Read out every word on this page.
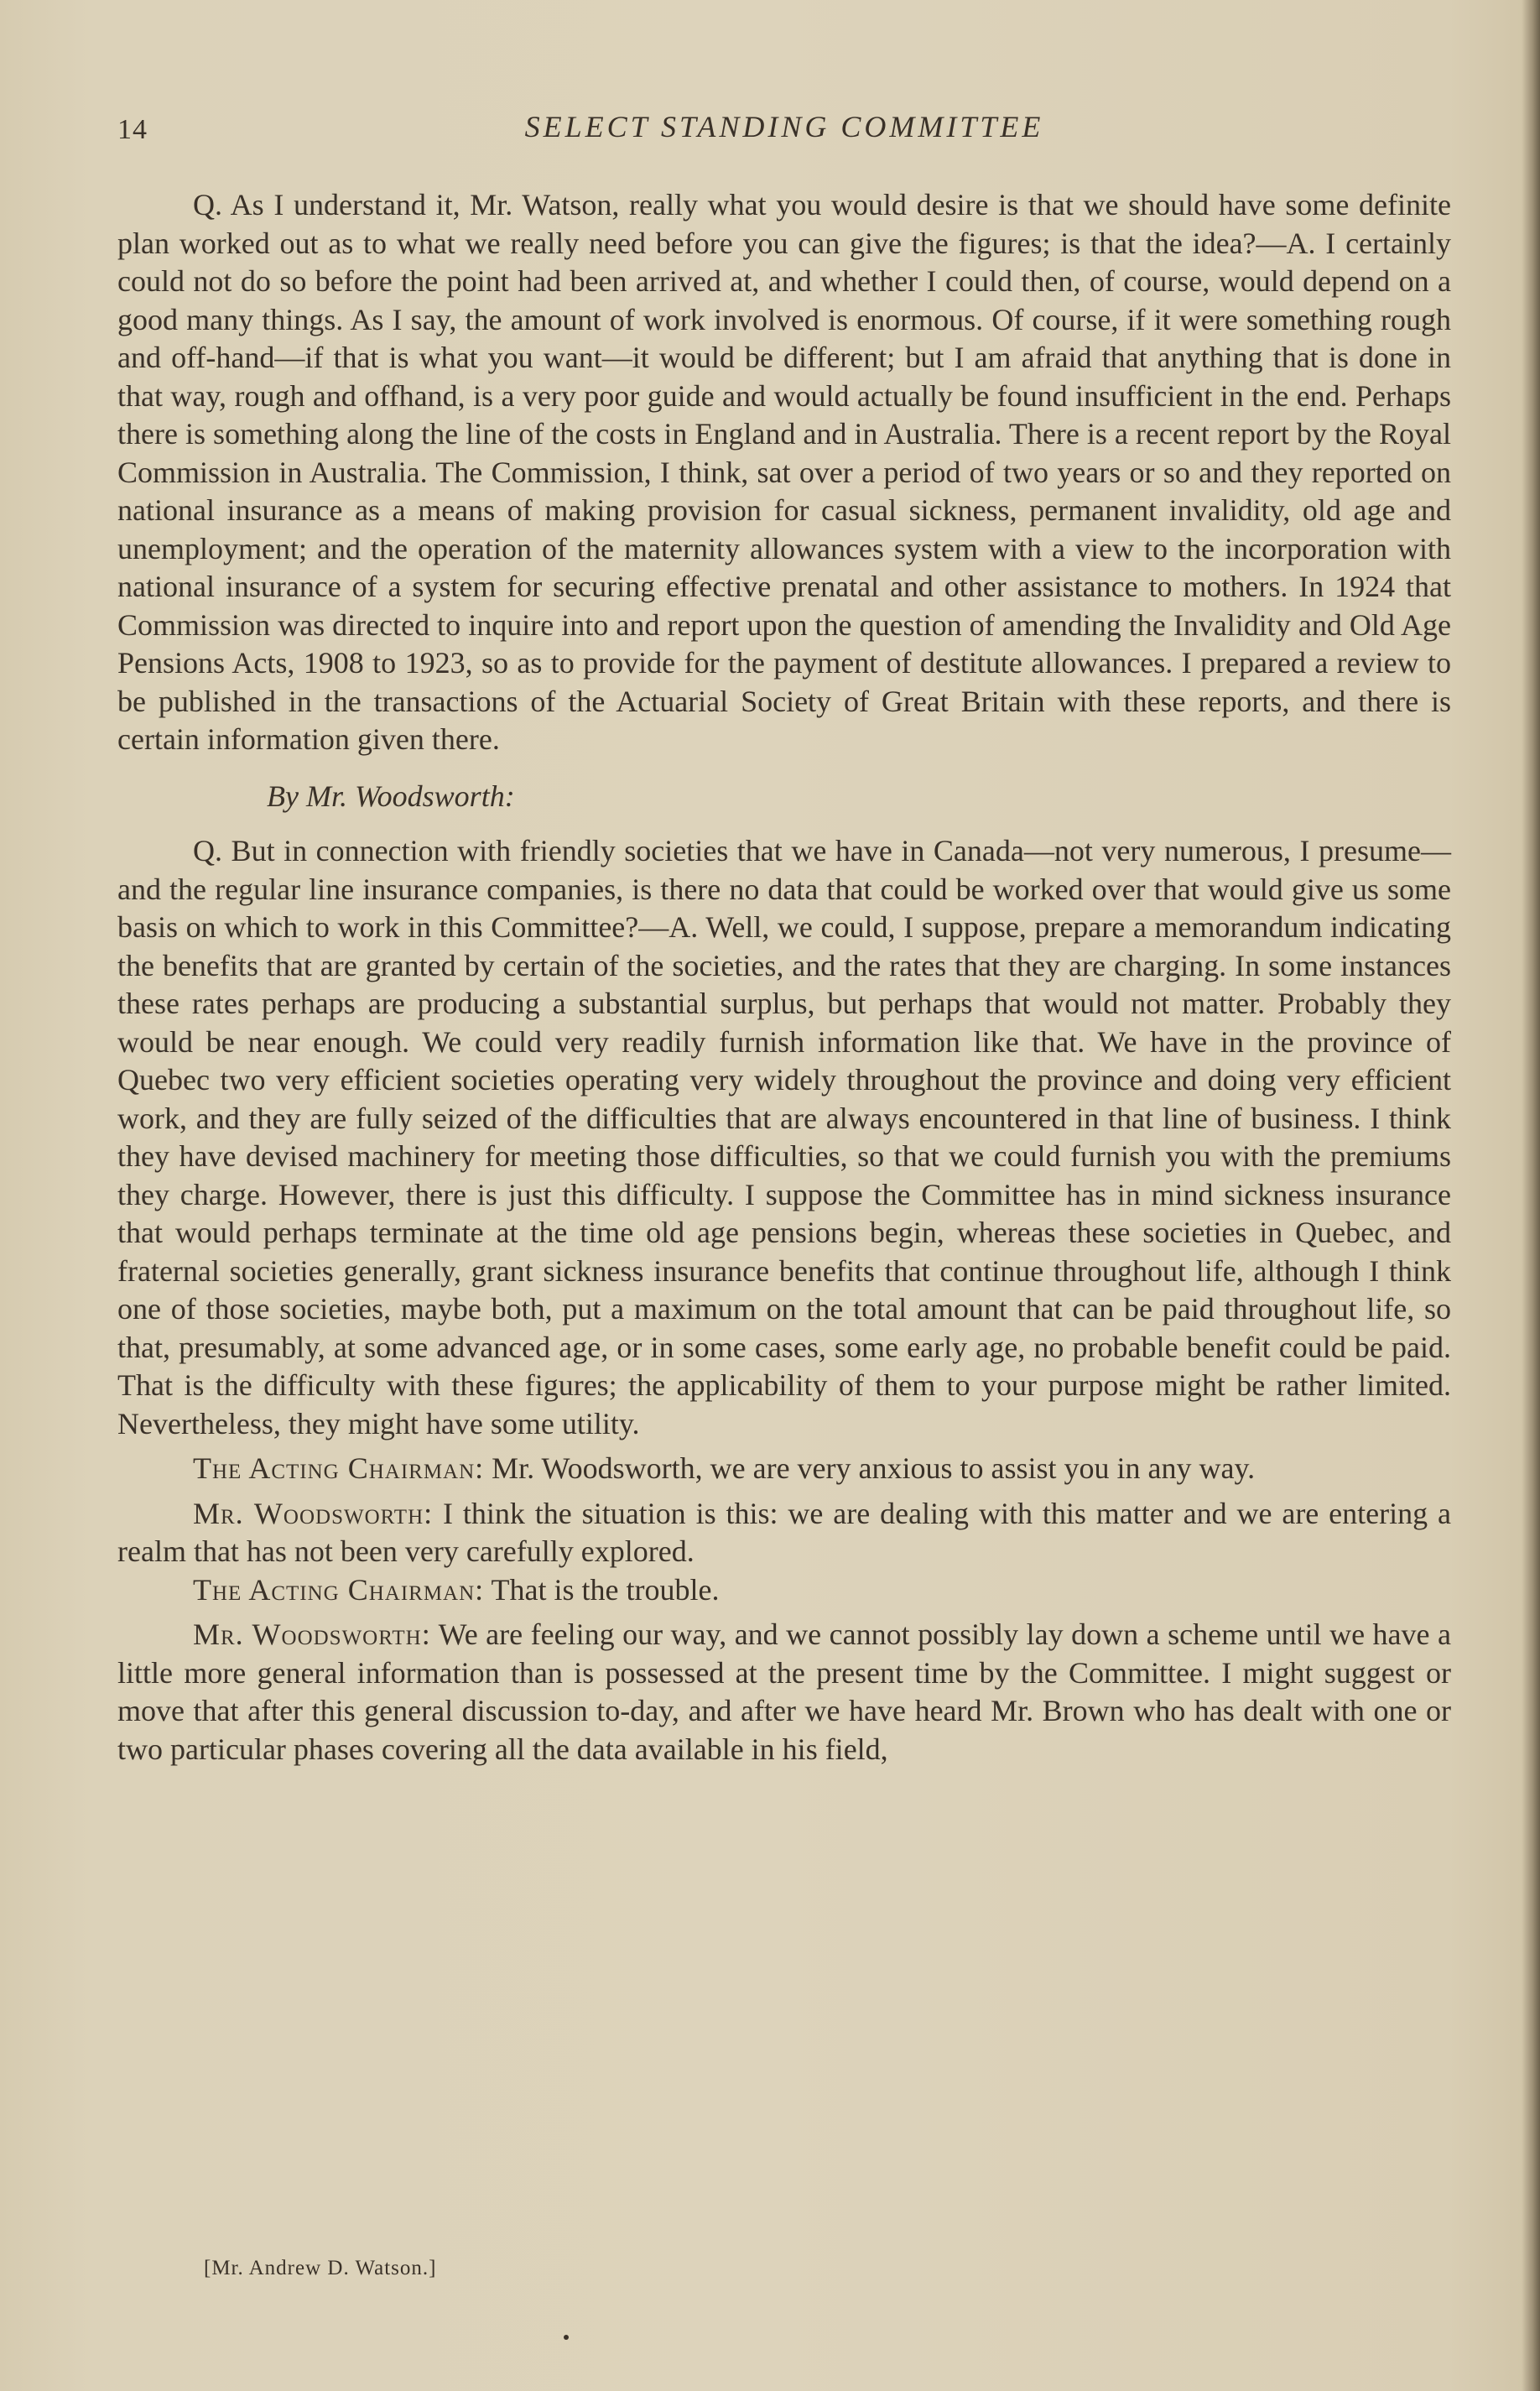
14	SELECT STANDING COMMITTEE

Q. As I understand it, Mr. Watson, really what you would desire is that we should have some definite plan worked out as to what we really need before you can give the figures; is that the idea?—A. I certainly could not do so before the point had been arrived at, and whether I could then, of course, would depend on a good many things. As I say, the amount of work involved is enormous. Of course, if it were something rough and off-hand—if that is what you want—it would be different; but I am afraid that anything that is done in that way, rough and offhand, is a very poor guide and would actually be found insufficient in the end. Perhaps there is something along the line of the costs in England and in Australia. There is a recent report by the Royal Commission in Australia. The Commission, I think, sat over a period of two years or so and they reported on national insurance as a means of making provision for casual sickness, permanent invalidity, old age and unemployment; and the operation of the maternity allowances system with a view to the incorporation with national insurance of a system for securing effective prenatal and other assistance to mothers. In 1924 that Commission was directed to inquire into and report upon the question of amending the Invalidity and Old Age Pensions Acts, 1908 to 1923, so as to provide for the payment of destitute allowances. I prepared a review to be published in the transactions of the Actuarial Society of Great Britain with these reports, and there is certain information given there.

By Mr. Woodsworth:

Q. But in connection with friendly societies that we have in Canada—not very numerous, I presume—and the regular line insurance companies, is there no data that could be worked over that would give us some basis on which to work in this Committee?—A. Well, we could, I suppose, prepare a memorandum indicating the benefits that are granted by certain of the societies, and the rates that they are charging. In some instances these rates perhaps are producing a substantial surplus, but perhaps that would not matter. Probably they would be near enough. We could very readily furnish information like that. We have in the province of Quebec two very efficient societies operating very widely throughout the province and doing very efficient work, and they are fully seized of the difficulties that are always encountered in that line of business. I think they have devised machinery for meeting those difficulties, so that we could furnish you with the premiums they charge. However, there is just this difficulty. I suppose the Committee has in mind sickness insurance that would perhaps terminate at the time old age pensions begin, whereas these societies in Quebec, and fraternal societies generally, grant sickness insurance benefits that continue throughout life, although I think one of those societies, maybe both, put a maximum on the total amount that can be paid throughout life, so that, presumably, at some advanced age, or in some cases, some early age, no probable benefit could be paid. That is the difficulty with these figures; the applicability of them to your purpose might be rather limited. Nevertheless, they might have some utility.

The Acting Chairman: Mr. Woodsworth, we are very anxious to assist you in any way.

Mr. Woodsworth: I think the situation is this: we are dealing with this matter and we are entering a realm that has not been very carefully explored.

The Acting Chairman: That is the trouble.

Mr. Woodsworth: We are feeling our way, and we cannot possibly lay down a scheme until we have a little more general information than is possessed at the present time by the Committee. I might suggest or move that after this general discussion to-day, and after we have heard Mr. Brown who has dealt with one or two particular phases covering all the data available in his field,

[Mr. Andrew D. Watson.]
